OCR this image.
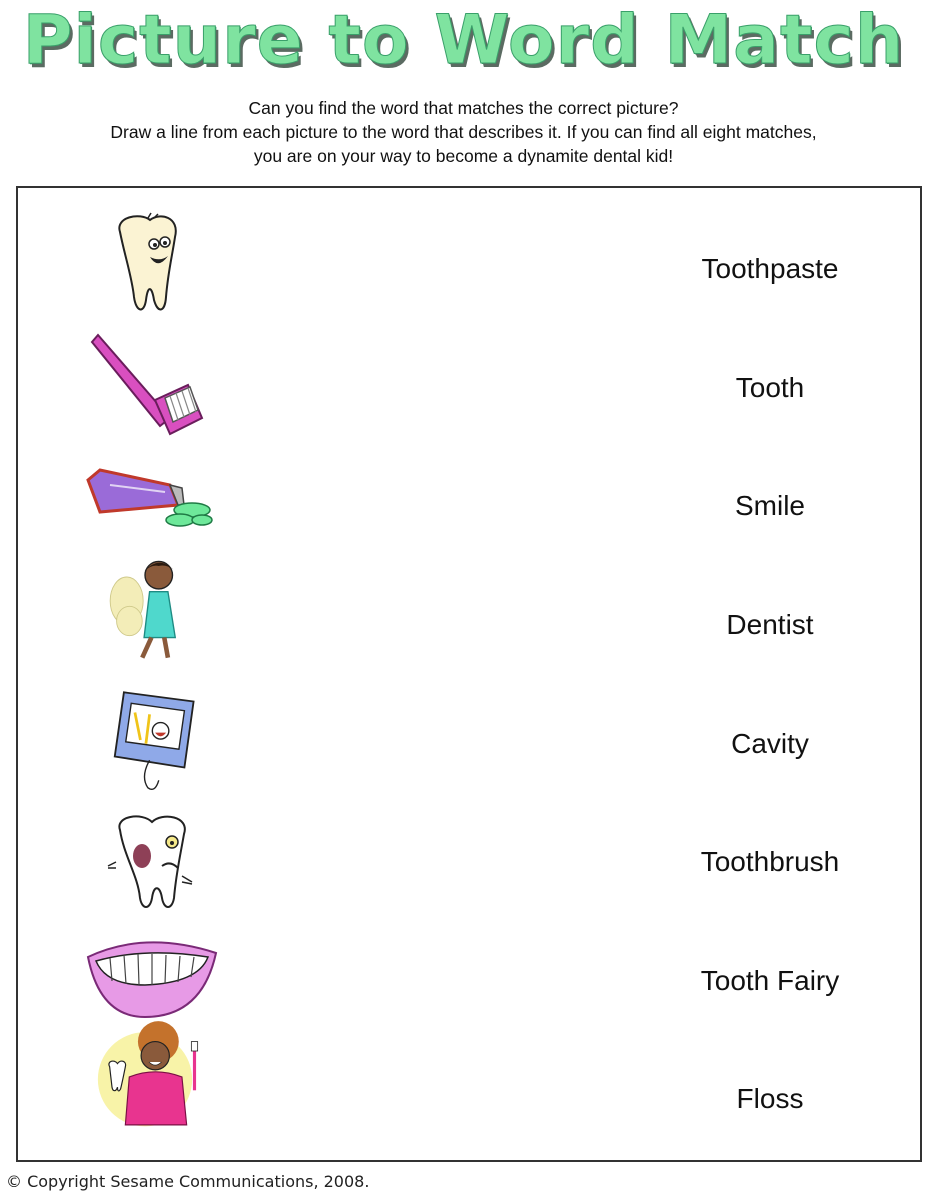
Picture to Word Match
Can you find the word that matches the correct picture?
Draw a line from each picture to the word that describes it. If you can find all eight matches,
you are on your way to become a dynamite dental kid!
Toothpaste
Tooth
Smile
Dentist
Cavity
Toothbrush
Tooth Fairy
Floss
© Copyright Sesame Communications, 2008.
